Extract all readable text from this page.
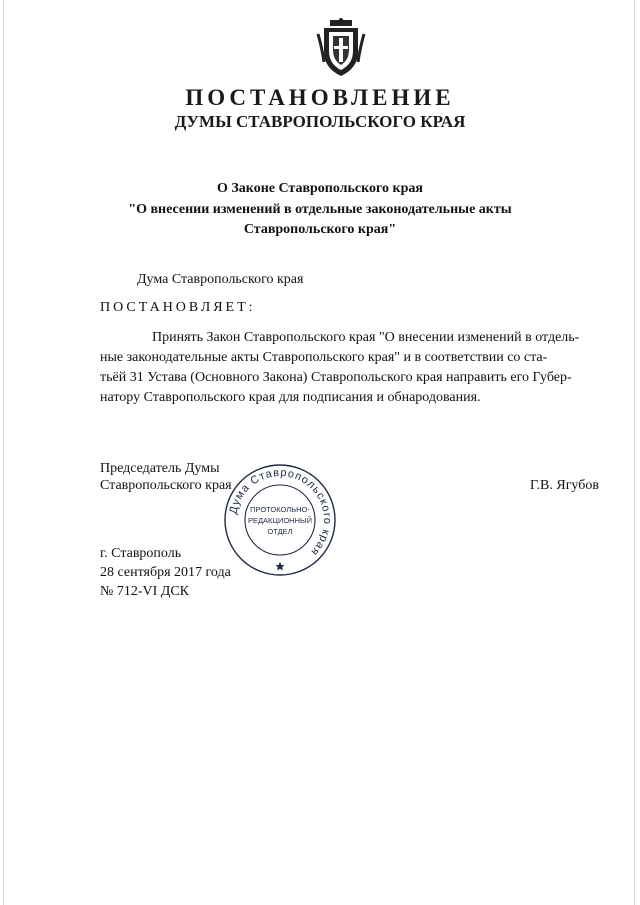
ПОСТАНОВЛЕНИЕ
ДУМЫ СТАВРОПОЛЬСКОГО КРАЯ
О Законе Ставропольского края
"О внесении изменений в отдельные законодательные акты
Ставропольского края"
Дума Ставропольского края
ПОСТАНОВЛЯЕТ:
Принять Закон Ставропольского края "О внесении изменений в отдель-
ные законодательные акты Ставропольского края" и в соответствии со ста-
тьёй 31 Устава (Основного Закона) Ставропольского края направить его Губер-
натору Ставропольского края для подписания и обнародования.
Председатель Думы
Ставропольского края	Г.В. Ягубов
г. Ставрополь
28 сентября 2017 года
№ 712-VI ДСК
Дума Ставропольского края
ПРОТОКОЛЬНО-
РЕДАКЦИОННЫЙ
ОТДЕЛ
